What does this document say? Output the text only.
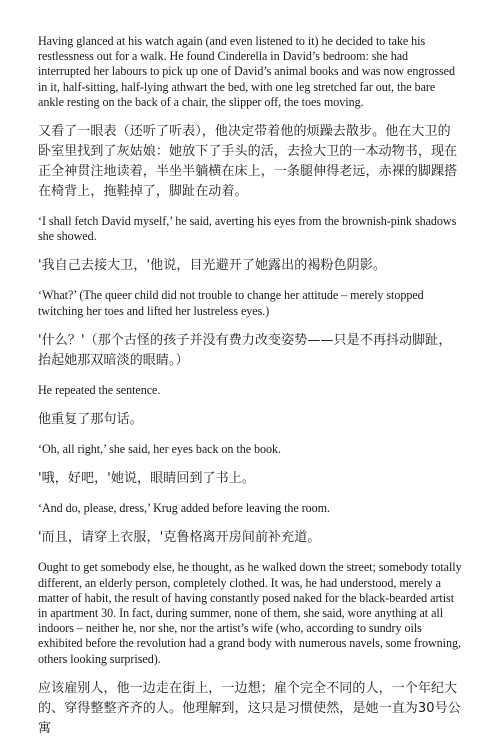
Having glanced at his watch again (and even listened to it) he decided to take his restlessness out for a walk. He found Cinderella in David’s bedroom: she had interrupted her labours to pick up one of David’s animal books and was now engrossed in it, half-sitting, half-lying athwart the bed, with one leg stretched far out, the bare ankle resting on the back of a chair, the slipper off, the toes moving.

又看了一眼表（还听了听表），他决定带着他的烦躁去散步。他在大卫的卧室里找到了灰姑娘：她放下了手头的活，去捡大卫的一本动物书，现在正全神贯注地读着，半坐半躺横在床上，一条腿伸得老远，赤裸的脚踝搭在椅背上，拖鞋掉了，脚趾在动着。

‘I shall fetch David myself,’ he said, averting his eyes from the brownish-pink shadows she showed.

'我自己去接大卫，'他说，目光避开了她露出的褐粉色阴影。

‘What?’ (The queer child did not trouble to change her attitude – merely stopped twitching her toes and lifted her lustreless eyes.)

'什么？'（那个古怪的孩子并没有费力改变姿势——只是不再抖动脚趾，抬起她那双暗淡的眼睛。）

He repeated the sentence.

他重复了那句话。

‘Oh, all right,’ she said, her eyes back on the book.

'哦，好吧，'她说，眼睛回到了书上。

‘And do, please, dress,’ Krug added before leaving the room.

'而且，请穿上衣服，'克鲁格离开房间前补充道。

Ought to get somebody else, he thought, as he walked down the street; somebody totally different, an elderly person, completely clothed. It was, he had understood, merely a matter of habit, the result of having constantly posed naked for the black-bearded artist in apartment 30. In fact, during summer, none of them, she said, wore anything at all indoors – neither he, nor she, nor the artist’s wife (who, according to sundry oils exhibited before the revolution had a grand body with numerous navels, some frowning, others looking surprised).

应该雇别人，他一边走在街上，一边想；雇个完全不同的人，一个年纪大的、穿得整整齐齐的人。他理解到，这只是习惯使然，是她一直为30号公寓
